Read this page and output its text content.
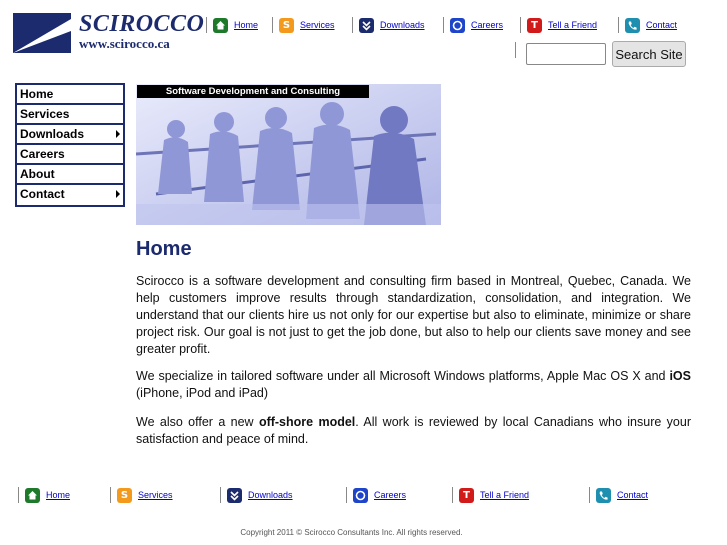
SCIROCCO
www.scirocco.ca
Home	S	Services	Downloads	Careers	T	Tell a Friend	Contact
Search Site
Home
Services
Downloads
Careers
About
Contact
Software Development and Consulting
Home

Scirocco is a software development and consulting firm based in Montreal, Quebec, Canada. We help customers improve results through standardization, consolidation, and integration. We understand that our clients hire us not only for our expertise but also to eliminate, minimize or share project risk. Our goal is not just to get the job done, but also to help our clients save money and see greater profit.

We specialize in tailored software under all Microsoft Windows platforms, Apple Mac OS X and iOS (iPhone, iPod and iPad)

We also offer a new off-shore model. All work is reviewed by local Canadians who insure your satisfaction and peace of mind.

Home	S	Services	Downloads	Careers	T	Tell a Friend	Contact
Copyright 2011 © Scirocco Consultants Inc. All rights reserved.
